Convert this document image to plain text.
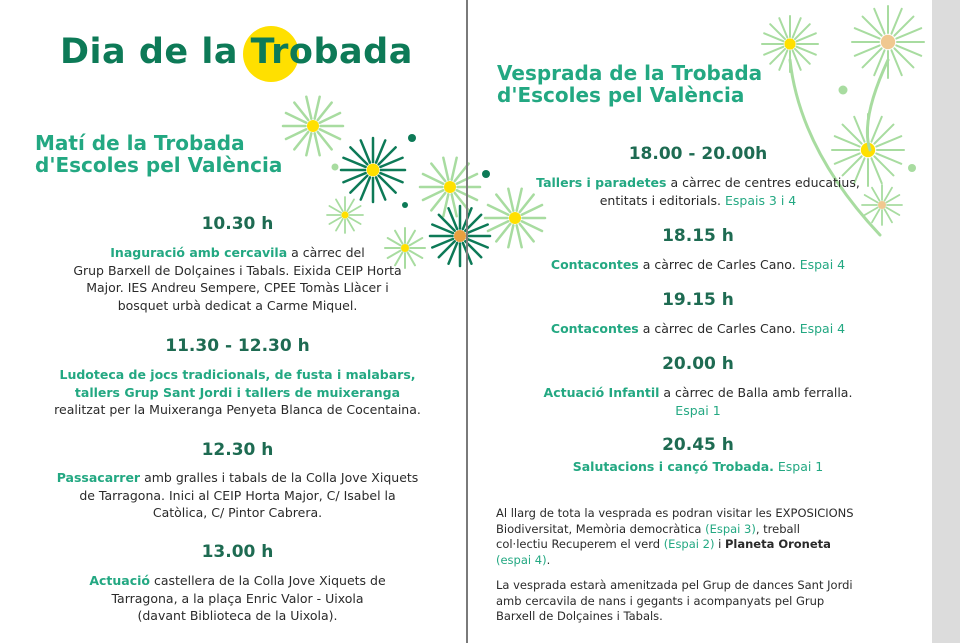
Dia de la Trobada
Matí de la Trobada
d'Escoles pel València
Vesprada de la Trobada
d'Escoles pel València
10.30 h
Inaguració amb cercavila a càrrec del
Grup Barxell de Dolçaines i Tabals. Eixida CEIP Horta
Major. IES Andreu Sempere, CPEE Tomàs Llàcer i
bosquet urbà dedicat a Carme Miquel.
11.30 - 12.30 h
Ludoteca de jocs tradicionals, de fusta i malabars,
tallers Grup Sant Jordi i tallers de muixeranga
realitzat per la Muixeranga Penyeta Blanca de Cocentaina.
12.30 h
Passacarrer amb gralles i tabals de la Colla Jove Xiquets
de Tarragona. Inici al CEIP Horta Major, C/ Isabel la
Catòlica, C/ Pintor Cabrera.
13.00 h
Actuació castellera de la Colla Jove Xiquets de
Tarragona, a la plaça Enric Valor - Uixola
(davant Biblioteca de la Uixola).
18.00 - 20.00h
Tallers i paradetes a càrrec de centres educatius,
entitats i editorials. Espais 3 i 4
18.15 h
Contacontes a càrrec de Carles Cano. Espai 4
19.15 h
Contacontes a càrrec de Carles Cano. Espai 4
20.00 h
Actuació Infantil a càrrec de Balla amb ferralla.
Espai 1
20.45 h
Salutacions i cançó Trobada. Espai 1
Al llarg de tota la vesprada es podran visitar les EXPOSICIONS
Biodiversitat, Memòria democràtica (Espai 3), treball
col·lectiu Recuperem el verd (Espai 2) i Planeta Oroneta
(espai 4).
La vesprada estarà amenitzada pel Grup de dances Sant Jordi
amb cercavila de nans i gegants i acompanyats pel Grup
Barxell de Dolçaines i Tabals.
